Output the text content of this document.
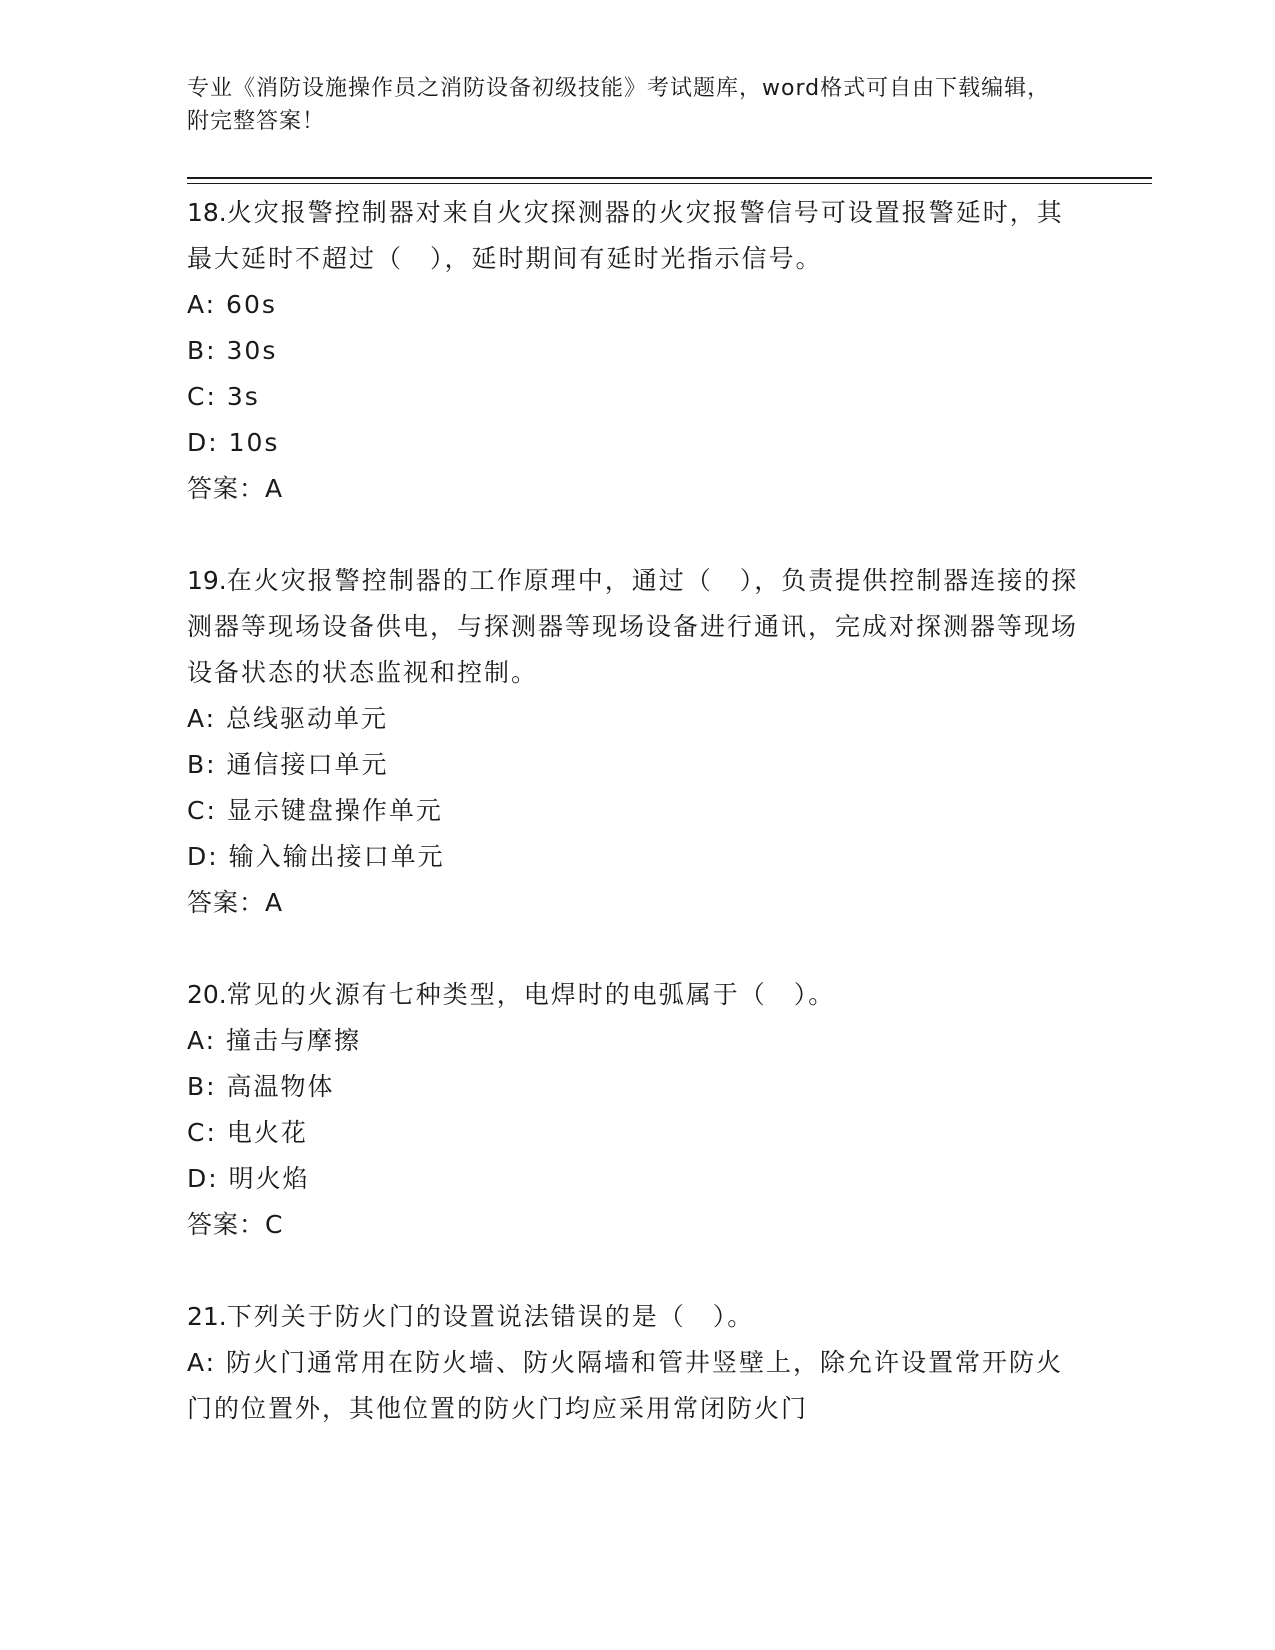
专业《消防设施操作员之消防设备初级技能》考试题库，word格式可自由下载编辑，附完整答案！

18.火灾报警控制器对来自火灾探测器的火灾报警信号可设置报警延时，其最大延时不超过（　），延时期间有延时光指示信号。

A: 60s

B: 30s

C: 3s

D: 10s

答案：A

19.在火灾报警控制器的工作原理中，通过（　），负责提供控制器连接的探测器等现场设备供电，与探测器等现场设备进行通讯，完成对探测器等现场设备状态的状态监视和控制。

A: 总线驱动单元

B: 通信接口单元

C: 显示键盘操作单元

D: 输入输出接口单元

答案：A

20.常见的火源有七种类型，电焊时的电弧属于（　）。

A: 撞击与摩擦

B: 高温物体

C: 电火花

D: 明火焰

答案：C

21.下列关于防火门的设置说法错误的是（　）。

A: 防火门通常用在防火墙、防火隔墙和管井竖壁上，除允许设置常开防火门的位置外，其他位置的防火门均应采用常闭防火门
